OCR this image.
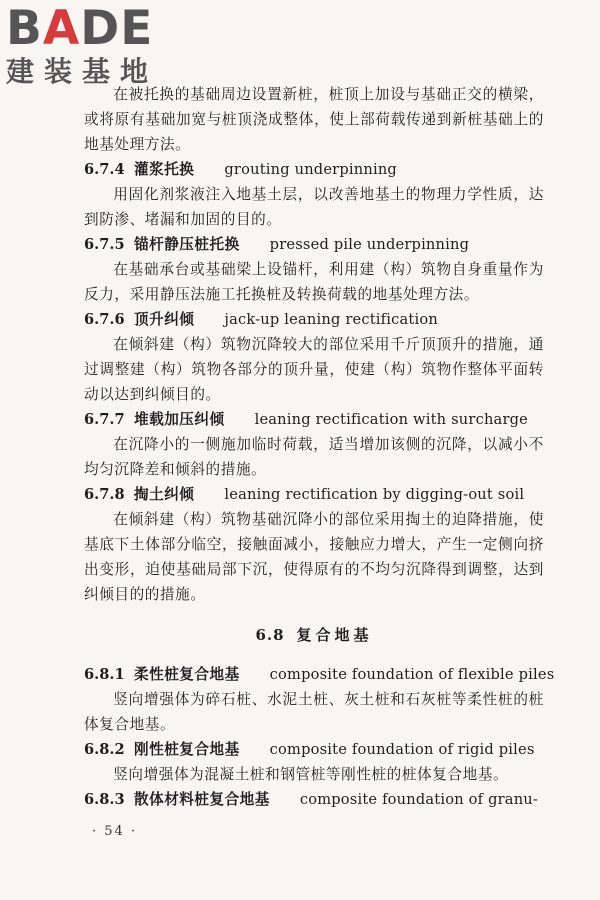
BADE
建装基地

在被托换的基础周边设置新桩，桩顶上加设与基础正交的横梁，或将原有基础加宽与桩顶浇成整体，使上部荷载传递到新桩基础上的地基处理方法。

6.7.4 灌浆托换 grouting underpinning

用固化剂浆液注入地基土层，以改善地基土的物理力学性质，达到防渗、堵漏和加固的目的。

6.7.5 锚杆静压桩托换 pressed pile underpinning

在基础承台或基础梁上设锚杆，利用建（构）筑物自身重量作为反力，采用静压法施工托换桩及转换荷载的地基处理方法。

6.7.6 顶升纠倾 jack-up leaning rectification

在倾斜建（构）筑物沉降较大的部位采用千斤顶顶升的措施，通过调整建（构）筑物各部分的顶升量，使建（构）筑物作整体平面转动以达到纠倾目的。

6.7.7 堆载加压纠倾 leaning rectification with surcharge

在沉降小的一侧施加临时荷载，适当增加该侧的沉降，以减小不均匀沉降差和倾斜的措施。

6.7.8 掏土纠倾 leaning rectification by digging-out soil

在倾斜建（构）筑物基础沉降小的部位采用掏土的迫降措施，使基底下土体部分临空，接触面减小，接触应力增大，产生一定侧向挤出变形，迫使基础局部下沉，使得原有的不均匀沉降得到调整，达到纠倾目的的措施。

6.8 复合地基

6.8.1 柔性桩复合地基 composite foundation of flexible piles

竖向增强体为碎石桩、水泥土桩、灰土桩和石灰桩等柔性桩的桩体复合地基。

6.8.2 刚性桩复合地基 composite foundation of rigid piles

竖向增强体为混凝土桩和钢管桩等刚性桩的桩体复合地基。

6.8.3 散体材料桩复合地基 composite foundation of granu-

· 54 ·
